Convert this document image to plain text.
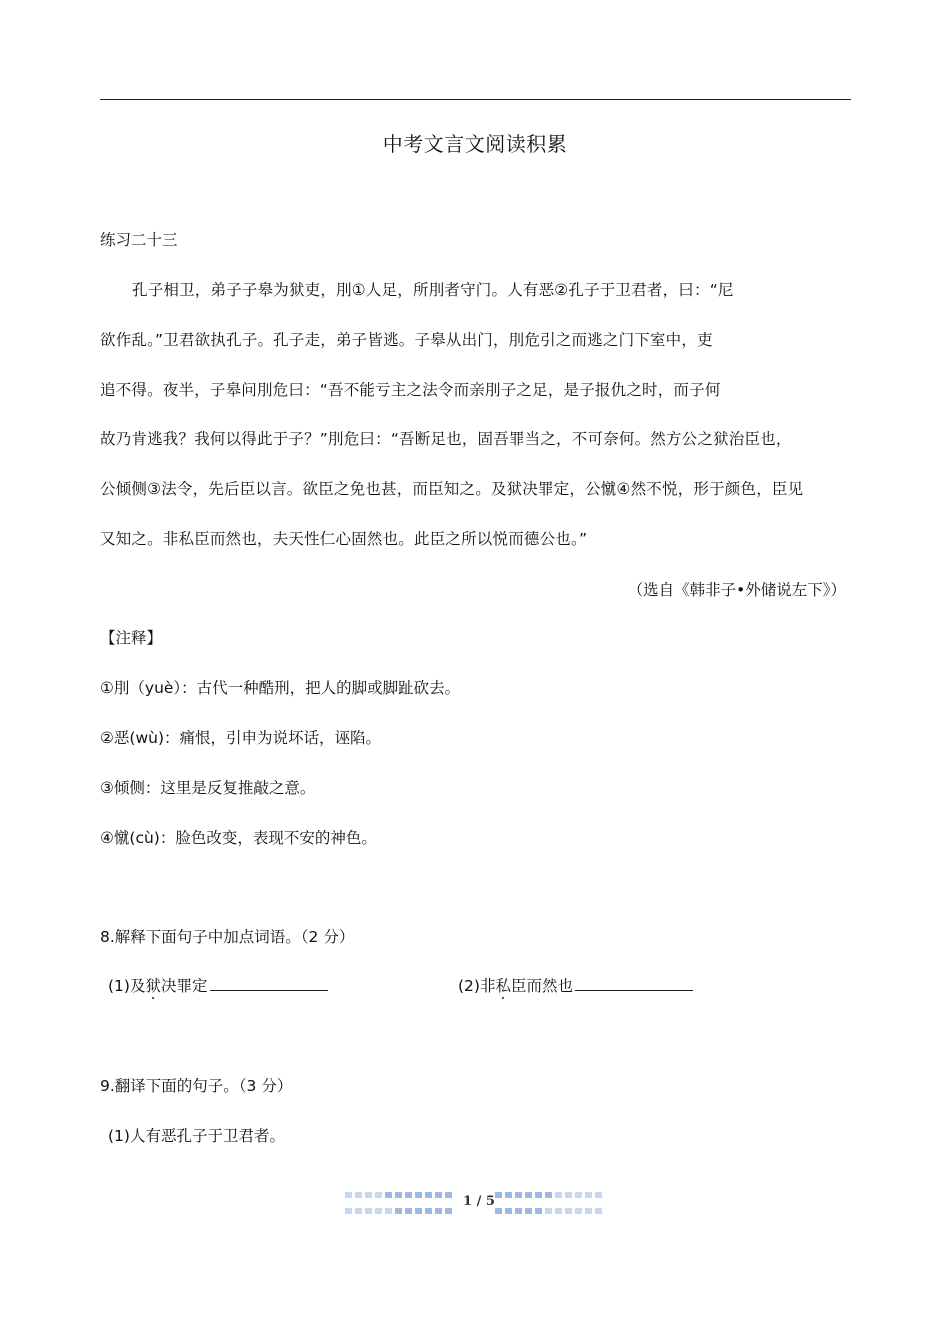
中考文言文阅读积累
练习二十三
孔子相卫，弟子子皋为狱吏，刖①人足，所刖者守门。人有恶②孔子于卫君者，曰：“尼
欲作乱。”卫君欲执孔子。孔子走，弟子皆逃。子皋从出门，刖危引之而逃之门下室中，吏
追不得。夜半，子皋问刖危曰：“吾不能亏主之法令而亲刖子之足，是子报仇之时，而子何
故乃肯逃我？我何以得此于子？”刖危曰：“吾断足也，固吾罪当之，不可奈何。然方公之狱治臣也，
公倾侧③法令，先后臣以言。欲臣之免也甚，而臣知之。及狱决罪定，公憱④然不悦，形于颜色，臣见
又知之。非私臣而然也，夫天性仁心固然也。此臣之所以悦而德公也。”
（选自《韩非子•外储说左下》）
【注释】
①刖（yuè）：古代一种酷刑，把人的脚或脚趾砍去。
②恶(wù)：痛恨，引申为说坏话，诬陷。
③倾侧：这里是反复推敲之意。
④憱(cù)：脸色改变，表现不安的神色。
8.解释下面句子中加点词语。（2 分）
(1)及狱决罪定	(2)非私臣而然也
9.翻译下面的句子。（3 分）
(1)人有恶孔子于卫君者。
1 / 5
